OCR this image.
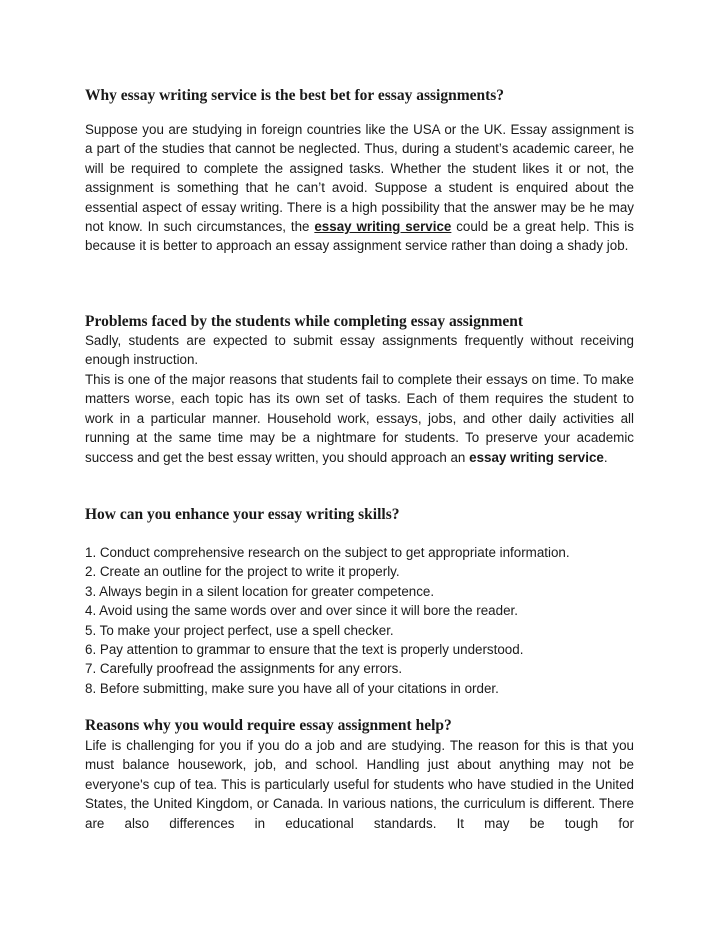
Why essay writing service is the best bet for essay assignments?

Suppose you are studying in foreign countries like the USA or the UK. Essay assignment is a part of the studies that cannot be neglected. Thus, during a student’s academic career, he will be required to complete the assigned tasks. Whether the student likes it or not, the assignment is something that he can’t avoid. Suppose a student is enquired about the essential aspect of essay writing. There is a high possibility that the answer may be he may not know. In such circumstances, the essay writing service could be a great help. This is because it is better to approach an essay assignment service rather than doing a shady job.

Problems faced by the students while completing essay assignment

Sadly, students are expected to submit essay assignments frequently without receiving enough instruction.

This is one of the major reasons that students fail to complete their essays on time. To make matters worse, each topic has its own set of tasks. Each of them requires the student to work in a particular manner. Household work, essays, jobs, and other daily activities all running at the same time may be a nightmare for students. To preserve your academic success and get the best essay written, you should approach an essay writing service.

How can you enhance your essay writing skills?
1. Conduct comprehensive research on the subject to get appropriate information.
2. Create an outline for the project to write it properly.
3. Always begin in a silent location for greater competence.
4. Avoid using the same words over and over since it will bore the reader.
5. To make your project perfect, use a spell checker.
6. Pay attention to grammar to ensure that the text is properly understood.
7. Carefully proofread the assignments for any errors.
8. Before submitting, make sure you have all of your citations in order.
Reasons why you would require essay assignment help?

Life is challenging for you if you do a job and are studying. The reason for this is that you must balance housework, job, and school. Handling just about anything may not be everyone's cup of tea. This is particularly useful for students who have studied in the United States, the United Kingdom, or Canada. In various nations, the curriculum is different. There are also differences in educational standards. It may be tough for
